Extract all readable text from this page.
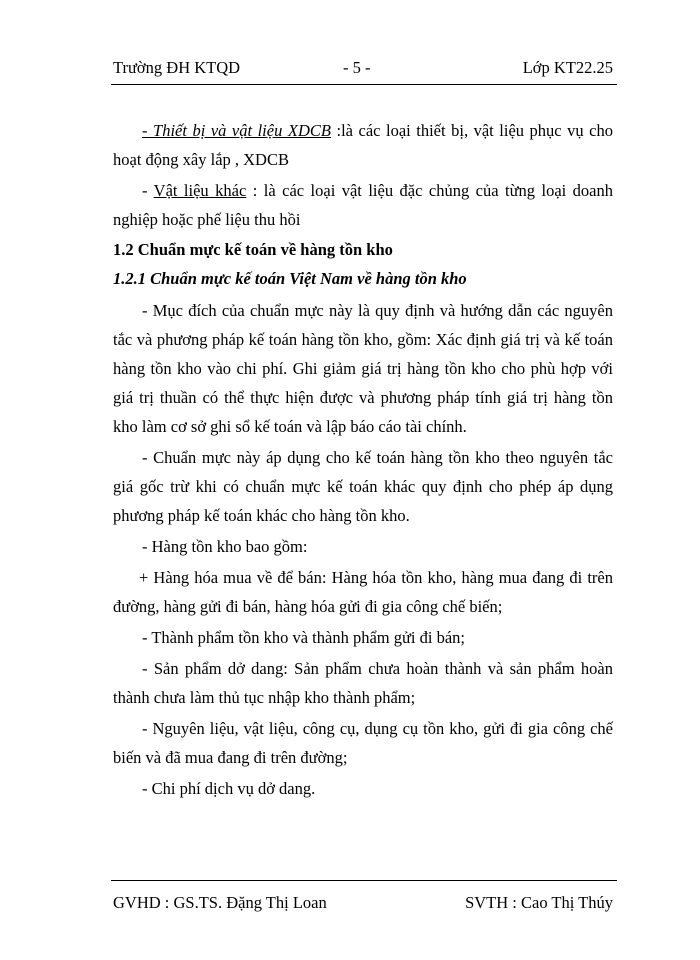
Trường ĐH KTQD	- 5 -	Lớp KT22.25

- Thiết bị và vật liệu XDCB :là các loại thiết bị, vật liệu phục vụ cho hoạt động xây lắp , XDCB

- Vật liệu khác : là các loại vật liệu đặc chủng của từng loại doanh nghiệp hoặc phế liệu thu hồi

1.2 Chuẩn mực kế toán về hàng tồn kho

1.2.1 Chuẩn mực kế toán Việt Nam về hàng tồn kho

- Mục đích của chuẩn mực này là quy định và hướng dẫn các nguyên tắc và phương pháp kế toán hàng tồn kho, gồm: Xác định giá trị và kế toán hàng tồn kho vào chi phí. Ghi giảm giá trị hàng tồn kho cho phù hợp với giá trị thuần có thể thực hiện được và phương pháp tính giá trị hàng tồn kho làm cơ sở ghi sổ kế toán và lập báo cáo tài chính.

- Chuẩn mực này áp dụng cho kế toán hàng tồn kho theo nguyên tắc giá gốc trừ khi có chuẩn mực kế toán khác quy định cho phép áp dụng phương pháp kế toán khác cho hàng tồn kho.

- Hàng tồn kho bao gồm:

+ Hàng hóa mua về để bán: Hàng hóa tồn kho, hàng mua đang đi trên đường, hàng gửi đi bán, hàng hóa gửi đi gia công chế biến;

- Thành phẩm tồn kho và thành phẩm gửi đi bán;

- Sản phẩm dở dang: Sản phẩm chưa hoàn thành và sản phẩm hoàn thành chưa làm thủ tục nhập kho thành phẩm;

- Nguyên liệu, vật liệu, công cụ, dụng cụ tồn kho, gửi đi gia công chế biến và đã mua đang đi trên đường;

- Chi phí dịch vụ dở dang.

GVHD : GS.TS. Đặng Thị Loan	SVTH : Cao Thị Thúy
